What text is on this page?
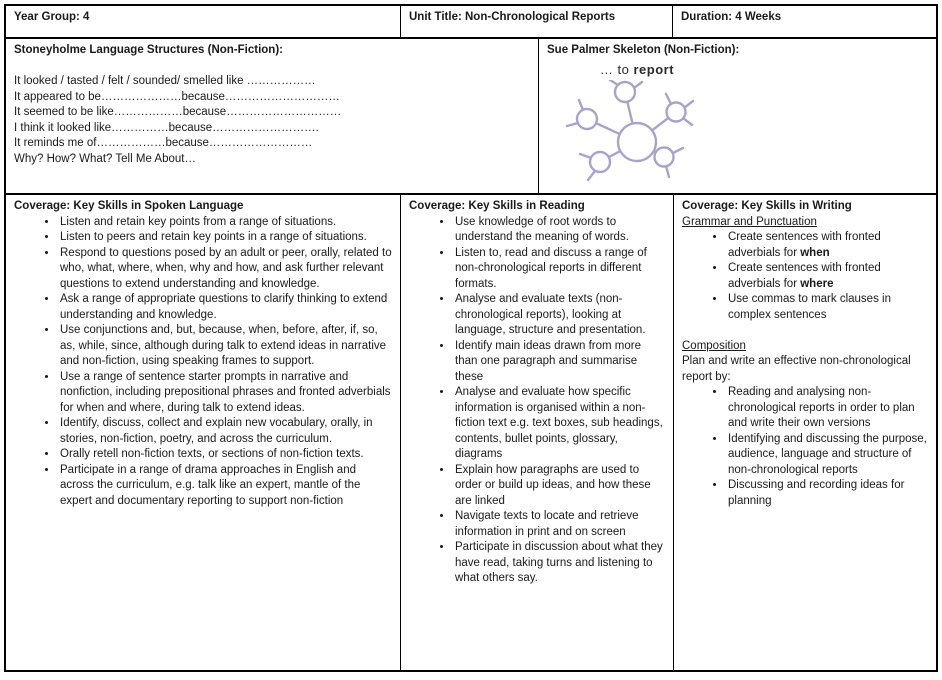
Year Group: 4	Unit Title: Non-Chronological Reports	Duration: 4 Weeks
Stoneyholme Language Structures (Non-Fiction):
It looked / tasted / felt / sounded/ smelled like ………………
It appeared to be…………………because…………………………
It seemed to be like………………because…………………………
I think it looked like……………because……………………….
It reminds me of………………because………………………
Why? How? What? Tell Me About…
Sue Palmer Skeleton (Non-Fiction):
… to report
Coverage: Key Skills in Spoken Language
• Listen and retain key points from a range of situations.
• Listen to peers and retain key points in a range of situations.
• Respond to questions posed by an adult or peer, orally, related to who, what, where, when, why and how, and ask further relevant questions to extend understanding and knowledge.
• Ask a range of appropriate questions to clarify thinking to extend understanding and knowledge.
• Use conjunctions and, but, because, when, before, after, if, so, as, while, since, although during talk to extend ideas in narrative and non-fiction, using speaking frames to support.
• Use a range of sentence starter prompts in narrative and nonfiction, including prepositional phrases and fronted adverbials for when and where, during talk to extend ideas.
• Identify, discuss, collect and explain new vocabulary, orally, in stories, non-fiction, poetry, and across the curriculum.
• Orally retell non-fiction texts, or sections of non-fiction texts.
• Participate in a range of drama approaches in English and across the curriculum, e.g. talk like an expert, mantle of the expert and documentary reporting to support non-fiction
Coverage: Key Skills in Reading
• Use knowledge of root words to understand the meaning of words.
• Listen to, read and discuss a range of non-chronological reports in different formats.
• Analyse and evaluate texts (non-chronological reports), looking at language, structure and presentation.
• Identify main ideas drawn from more than one paragraph and summarise these
• Analyse and evaluate how specific information is organised within a non-fiction text e.g. text boxes, sub headings, contents, bullet points, glossary, diagrams
• Explain how paragraphs are used to order or build up ideas, and how these are linked
• Navigate texts to locate and retrieve information in print and on screen
• Participate in discussion about what they have read, taking turns and listening to what others say.
Coverage: Key Skills in Writing
Grammar and Punctuation
• Create sentences with fronted adverbials for when
• Create sentences with fronted adverbials for where
• Use commas to mark clauses in complex sentences
Composition
Plan and write an effective non-chronological report by:
• Reading and analysing non-chronological reports in order to plan and write their own versions
• Identifying and discussing the purpose, audience, language and structure of non-chronological reports
• Discussing and recording ideas for planning
